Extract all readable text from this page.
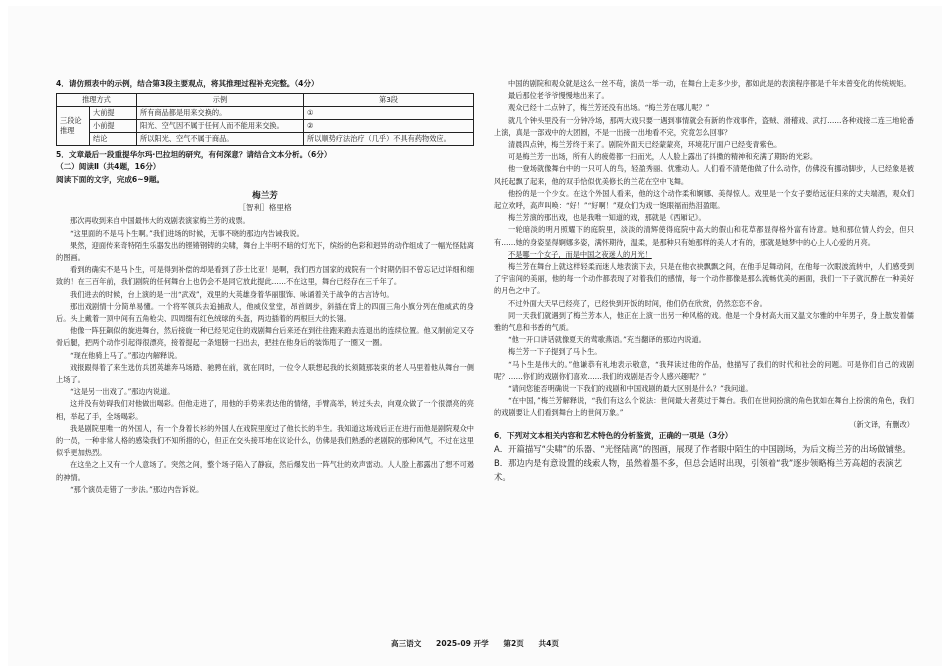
4．请仿照表中的示例，结合第3段主要观点，将其推理过程补充完整。（4分）

推理方式		示例	第3段
三段论推理	大前提	所有商品都是用来交换的。	①
	小前提	阳光、空气因不属于任何人而不能用来交换。	②
	结论	所以阳光、空气不属于商品。	所以顺势疗法治疗（几乎）不具有药物效应。

5．文章最后一段重提华尔玛·巴拉坦的研究，有何深意？请结合文本分析。（6分）

（二）阅读Ⅱ（共4题，16分）

阅读下面的文字，完成6~9题。

梅兰芳

［智利］格里格

那次再收到来自中国最伟大的戏剧表演家梅兰芳的戏票。

“这里面的不是马卜生啊。”我们进场的时候，无事不晓的那边内告诫我说。

果然，迎面传来奇特陌生乐器发出的铿锵钢铸的尖啸，舞台上半明不暗的灯光下，缤纷的色彩和迥异的动作组成了一幅光怪陆离的图画。

看到的确实不是马卜生，可是得到补偿的却是看到了莎士比亚！是啊，我们西方国家的戏院有一个时期仍旧不曾忘记过详细和细致的！在三百年前，我们剧院的任何舞台上也仍会不是同它放此提此……不在这里，舞台已经存在三千年了。

我们进去的时候，台上演的是一出“武戏”，戏里的大英雄身着华丽服饰、咏诵着关于战争的古言诗句。

那出戏剧情十分简单易懂。一个将军领兵去追捕敌人，他威仪堂堂，昂首阔步，斜插在背上的四面三角小旗分列在他威武的身后。头上戴着一顶中间有五角枪尖、四周缀有红色绒球的头盔，两边插着的两根巨大的长翎。

他像一阵狂飙似的旋进舞台，然后接旋一种已经见定住的戏剧舞台后来还在到往往跑来跑去连退出的连续位置。他又制前定又夺骨后腿，把两个动作引起得很漂亮，接着提起一条翅膀一扫出去，把挂在他身后的装饰甩了一圈又一圈。

“现在他骑上马了。”那边内解释说。

戏报跟得着了来生选仿兵团英雄奔马场踏、驰骋在前，就在同时，一位令人联想起我的长须随那装束的老人马里着他从舞台一侧上场了。

“这是另一出戏了。”那边内说道。

这并没有妨碍我们对他做出喝彩。但他走进了，用他的手势来表达他的情绪，手臂高举，转过头去，向观众做了一个很漂亮的亮相，举起了手，全场喝彩。

我是剧院里唯一的外国人，有一个身着长衫的外国人在戏院里度过了他长长的半生。我知道这场戏后正在进行而他是剧院观众中的一员，一种非常人格的感染我们不知所措的心，但正在交头接耳地在议论什么，仿佛是我们熟悉的老剧院的那种风气，不过在这里似乎更加热烈。

在这坐之上又有一个人意场了。突然之间，整个场子陷入了静寂，然后爆发出一阵气壮的欢声雷动。人人脸上都露出了想不可遏的神情。

“那个演员走错了一步法。”那边内告诉说。

中国的剧院和观众就是这么一丝不苟，演员一举一动，在舞台上走多少步，都如此是的表演程序都是千年未曾变化的传统规矩。

最后那位老爷爷慢慢地出来了。

观众已经十二点钟了，梅兰芳还没有出场。“梅兰芳在哪儿呢？”

就几个钟头里没有一分钟冷场，那两大戏只要一遇到事情就会有新的作戏事件，盗贼、滑稽戏、武打……各种戏接二连三地轮番上演，真是一部戏中的大团圆，不是一出接一出地看不完，究竟怎么回事？

清晨四点钟，梅兰芳终于来了。剧院外面天已经蒙蒙亮，环境花厅面户已经变青紫色。

可是梅兰芳一出场，所有人的疲倦都一扫而光，人人脸上露出了抖擞的精神和充满了期盼的光彩。

他一登场就像舞台中的一只可人的鸟，轻盈秀丽、优雅动人。人们看不清楚他做了什么动作，仿佛没有挪动脚步，人已经象是被风托起飘了起来，他的双手恰似优美修长的兰花在空中飞舞。

他扮的是一个少女。在这个外国人看来，他的这个动作柔和婀娜、美得惊人。戏里是一个女子要给远征归来的丈夫端酒，观众们起立欢呼，高声叫唤：“好！”“好啊！”观众们为戏一饱眼福而热泪盈眶。

梅兰芳演的那出戏，也是我唯一知道的戏，那就是《西厢记》。

一轮暗淡的明月照耀下的庭院里，淡淡的清辉使得庭院中高大的假山和花草都显得格外富有诗意。她和那位情人约会，但只有……她的身姿显得婀娜多姿，满怀期待，温柔，是那种只有她那样的美人才有的，那就是她梦中的心上人心爱的月亮。

不是哪一个女子，而是中国之夜迷人的月光！

梅兰芳在舞台上就这样轻柔而迷人地表演下去，只是在他衣袂飘飘之间，在他手足舞动间，在他每一次眼波流转中，人们感受到了宇宙间的美丽，他的每一个动作都表现了对着我们的感情，每一个动作都像是那么流畅优美的画面，我们一下子就沉醉在一种美好的月色之中了。

不过外面大天早已经亮了，已经快到开饭的时间，他们仍在欣赏，仍然恋恋不舍。

同一天我们就遇到了梅兰芳本人，他正在上演一出另一种风格的戏。他是一个身材高大而又温文尔雅的中年男子，身上散发着儒雅的气息和书香的气质。

“他一开口讲话就像夏天的莺歌燕语。”充当翻译的那边内说道。

梅兰芳一下子提到了马卜生。

“马卜生是伟大的。”他谦恭有礼地表示敬意，“我拜读过他的作品，他描写了我们的时代和社会的问题。可是你们自己的戏剧呢？……你们的戏剧你们喜欢……我们的戏剧是否令人感兴趣呢？”

“请问您能否明确说一下我们的戏剧和中国戏剧的最大区别是什么？”我问道。

“在中国，”梅兰芳解释说，“我们有这么个说法：世间最大者莫过于舞台。我们在世间扮演的角色犹如在舞台上扮演的角色，我们的戏剧要让人们看到舞台上的世间万象。”

（新文译，有删改）

6．下列对文本相关内容和艺术特色的分析鉴赏，正确的一项是（3分）

A．开篇描写“尖啸”的乐器、“光怪陆离”的图画，展现了作者眼中陌生的中国剧场，为后文梅兰芳的出场做铺垫。

B．那边内是有意设置的线索人物，虽然着墨不多，但总会适时出现，引领着“我”逐步领略梅兰芳高超的表演艺术。

高三语文 2025-09 开学 第2页 共4页
